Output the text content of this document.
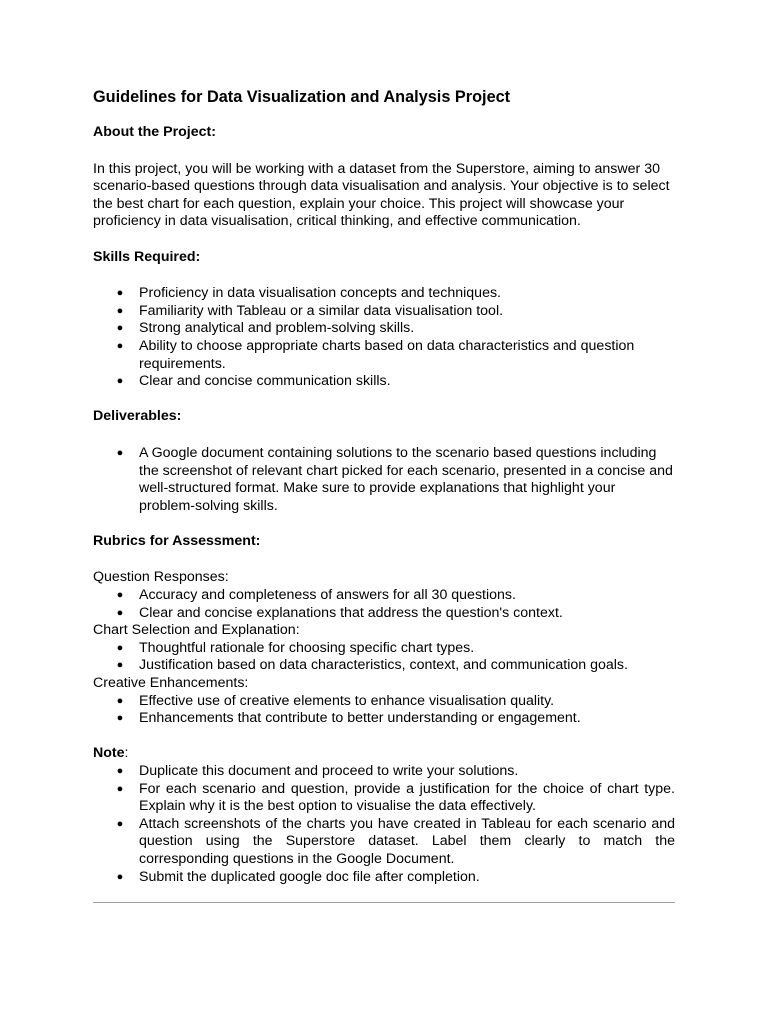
Guidelines for Data Visualization and Analysis Project
About the Project:

In this project, you will be working with a dataset from the Superstore, aiming to answer 30 scenario-based questions through data visualisation and analysis. Your objective is to select the best chart for each question, explain your choice. This project will showcase your proficiency in data visualisation, critical thinking, and effective communication.

Skills Required:
● Proficiency in data visualisation concepts and techniques.
● Familiarity with Tableau or a similar data visualisation tool.
● Strong analytical and problem-solving skills.
● Ability to choose appropriate charts based on data characteristics and question requirements.
● Clear and concise communication skills.
Deliverables:
● A Google document containing solutions to the scenario based questions including the screenshot of relevant chart picked for each scenario, presented in a concise and well-structured format. Make sure to provide explanations that highlight your problem-solving skills.
Rubrics for Assessment:

Question Responses:

● Accuracy and completeness of answers for all 30 questions.
● Clear and concise explanations that address the question's context.

Chart Selection and Explanation:

● Thoughtful rationale for choosing specific chart types.
● Justification based on data characteristics, context, and communication goals.

Creative Enhancements:

● Effective use of creative elements to enhance visualisation quality.
● Enhancements that contribute to better understanding or engagement.

Note:

● Duplicate this document and proceed to write your solutions.
● For each scenario and question, provide a justification for the choice of chart type. Explain why it is the best option to visualise the data effectively.
● Attach screenshots of the charts you have created in Tableau for each scenario and question using the Superstore dataset. Label them clearly to match the corresponding questions in the Google Document.
● Submit the duplicated google doc file after completion.
